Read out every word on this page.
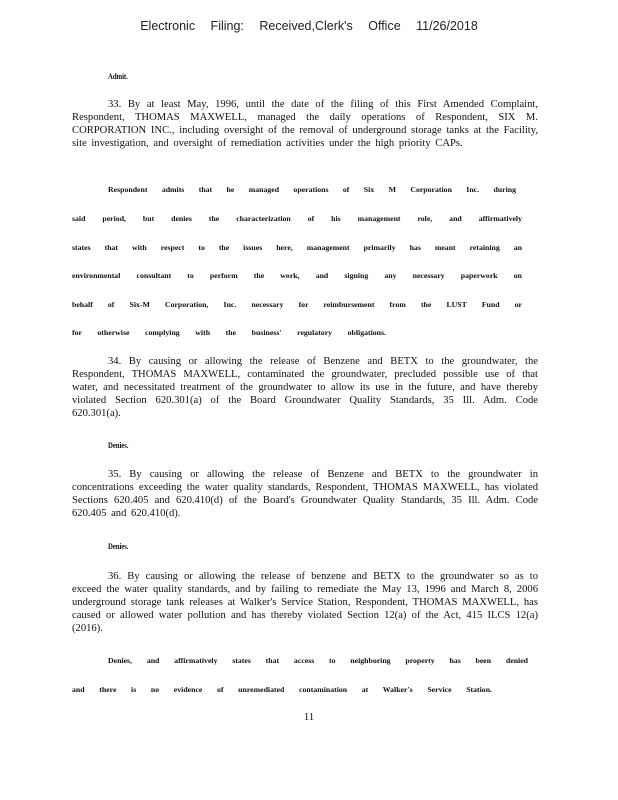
Electronic Filing: Received,Clerk's Office 11/26/2018
Admit.
33. By at least May, 1996, until the date of the filing of this First Amended Complaint, Respondent, THOMAS MAXWELL, managed the daily operations of Respondent, SIX M. CORPORATION INC., including oversight of the removal of underground storage tanks at the Facility, site investigation, and oversight of remediation activities under the high priority CAPs.
Respondent admits that he managed operations of Six M Corporation Inc. during
said period, but denies the characterization of his management role, and affirmatively
states that with respect to the issues here, management primarily has meant retaining an
environmental consultant to perform the work, and signing any necessary paperwork on
behalf of Six-M Corporation, Inc. necessary for reimbursement from the LUST Fund or
for otherwise complying with the business' regulatory obligations.
34. By causing or allowing the release of Benzene and BETX to the groundwater, the Respondent, THOMAS MAXWELL, contaminated the groundwater, precluded possible use of that water, and necessitated treatment of the groundwater to allow its use in the future, and have thereby violated Section 620.301(a) of the Board Groundwater Quality Standards, 35 Ill. Adm. Code 620.301(a).
Denies.
35. By causing or allowing the release of Benzene and BETX to the groundwater in concentrations exceeding the water quality standards, Respondent, THOMAS MAXWELL, has violated Sections 620.405 and 620.410(d) of the Board's Groundwater Quality Standards, 35 Ill. Adm. Code 620.405 and 620.410(d).
Denies.
36. By causing or allowing the release of benzene and BETX to the groundwater so as to exceed the water quality standards, and by failing to remediate the May 13, 1996 and March 8, 2006 underground storage tank releases at Walker's Service Station, Respondent, THOMAS MAXWELL, has caused or allowed water pollution and has thereby violated Section 12(a) of the Act, 415 ILCS 12(a) (2016).
Denies, and affirmatively states that access to neighboring property has been denied
and there is no evidence of unremediated contamination at Walker's Service Station.
11
